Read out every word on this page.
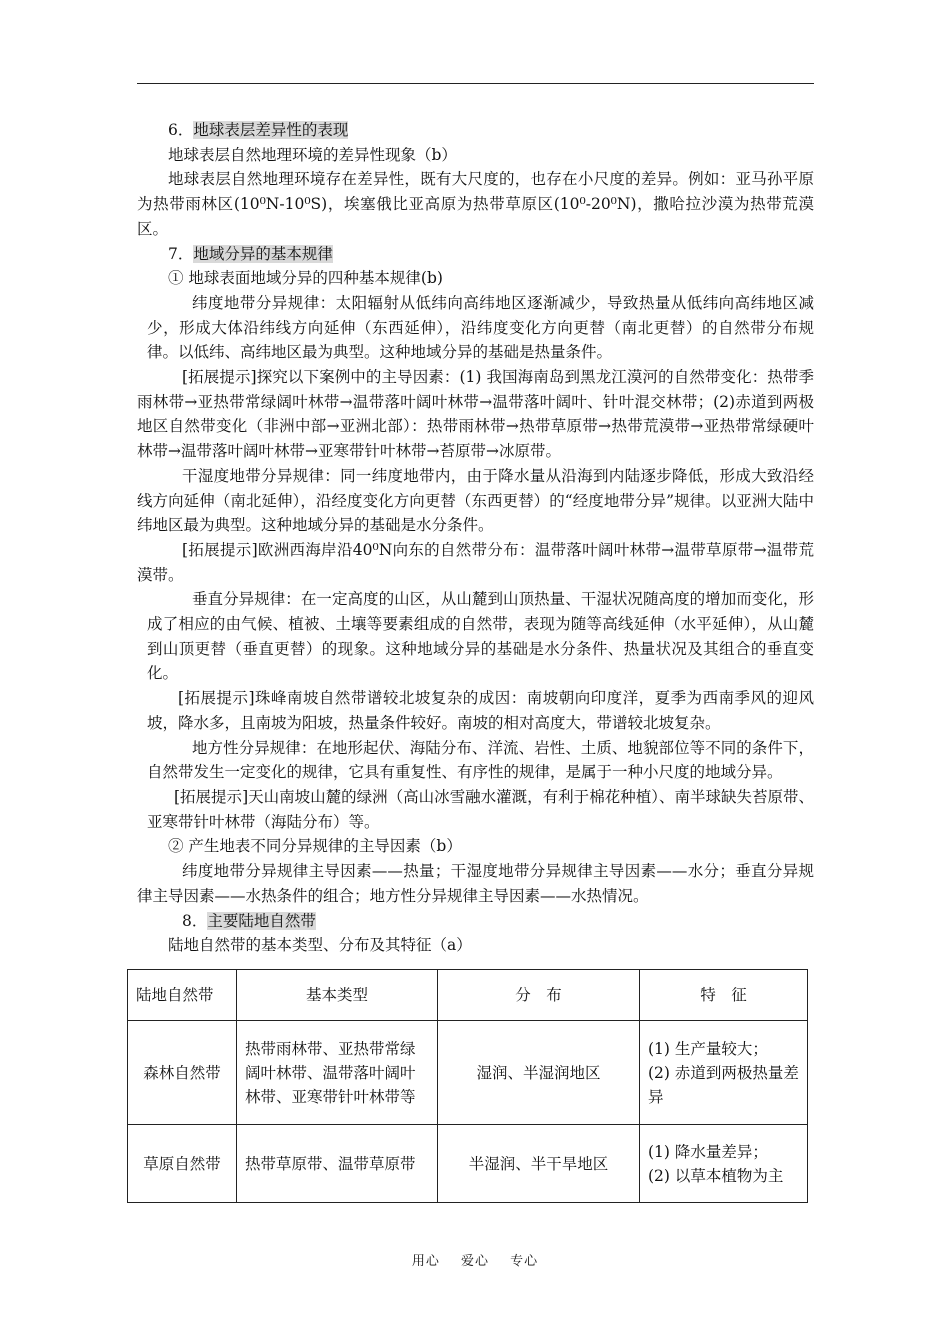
6．地球表层差异性的表现

地球表层自然地理环境的差异性现象（b）

地球表层自然地理环境存在差异性，既有大尺度的，也存在小尺度的差异。例如：亚马孙平原为热带雨林区(10⁰N-10⁰S)，埃塞俄比亚高原为热带草原区(10⁰-20⁰N)，撒哈拉沙漠为热带荒漠区。

7．地域分异的基本规律

① 地球表面地域分异的四种基本规律(b)

纬度地带分异规律：太阳辐射从低纬向高纬地区逐渐减少，导致热量从低纬向高纬地区减少，形成大体沿纬线方向延伸（东西延伸），沿纬度变化方向更替（南北更替）的自然带分布规律。以低纬、高纬地区最为典型。这种地域分异的基础是热量条件。

[拓展提示]探究以下案例中的主导因素：(1) 我国海南岛到黑龙江漠河的自然带变化：热带季雨林带→亚热带常绿阔叶林带→温带落叶阔叶林带→温带落叶阔叶、针叶混交林带；(2)赤道到两极地区自然带变化（非洲中部→亚洲北部）：热带雨林带→热带草原带→热带荒漠带→亚热带常绿硬叶林带→温带落叶阔叶林带→亚寒带针叶林带→苔原带→冰原带。

干湿度地带分异规律：同一纬度地带内，由于降水量从沿海到内陆逐步降低，形成大致沿经线方向延伸（南北延伸），沿经度变化方向更替（东西更替）的“经度地带分异”规律。以亚洲大陆中纬地区最为典型。这种地域分异的基础是水分条件。

[拓展提示]欧洲西海岸沿40⁰N向东的自然带分布：温带落叶阔叶林带→温带草原带→温带荒漠带。

垂直分异规律：在一定高度的山区，从山麓到山顶热量、干湿状况随高度的增加而变化，形成了相应的由气候、植被、土壤等要素组成的自然带，表现为随等高线延伸（水平延伸），从山麓到山顶更替（垂直更替）的现象。这种地域分异的基础是水分条件、热量状况及其组合的垂直变化。

[拓展提示]珠峰南坡自然带谱较北坡复杂的成因：南坡朝向印度洋，夏季为西南季风的迎风坡，降水多，且南坡为阳坡，热量条件较好。南坡的相对高度大，带谱较北坡复杂。

地方性分异规律：在地形起伏、海陆分布、洋流、岩性、土质、地貌部位等不同的条件下，自然带发生一定变化的规律，它具有重复性、有序性的规律，是属于一种小尺度的地域分异。

[拓展提示]天山南坡山麓的绿洲（高山冰雪融水灌溉，有利于棉花种植）、南半球缺失苔原带、亚寒带针叶林带（海陆分布）等。

② 产生地表不同分异规律的主导因素（b）

纬度地带分异规律主导因素——热量；干湿度地带分异规律主导因素——水分；垂直分异规律主导因素——水热条件的组合；地方性分异规律主导因素——水热情况。

8．主要陆地自然带

陆地自然带的基本类型、分布及其特征（a）

陆地自然带	基本类型	分　布	特　征
森林自然带	热带雨林带、亚热带常绿阔叶林带、温带落叶阔叶林带、亚寒带针叶林带等	湿润、半湿润地区	(1) 生产量较大；
(2) 赤道到两极热量差异

草原自然带	热带草原带、温带草原带	半湿润、半干旱地区	(1) 降水量差异；
(2) 以草本植物为主
用心 爱心 专心
